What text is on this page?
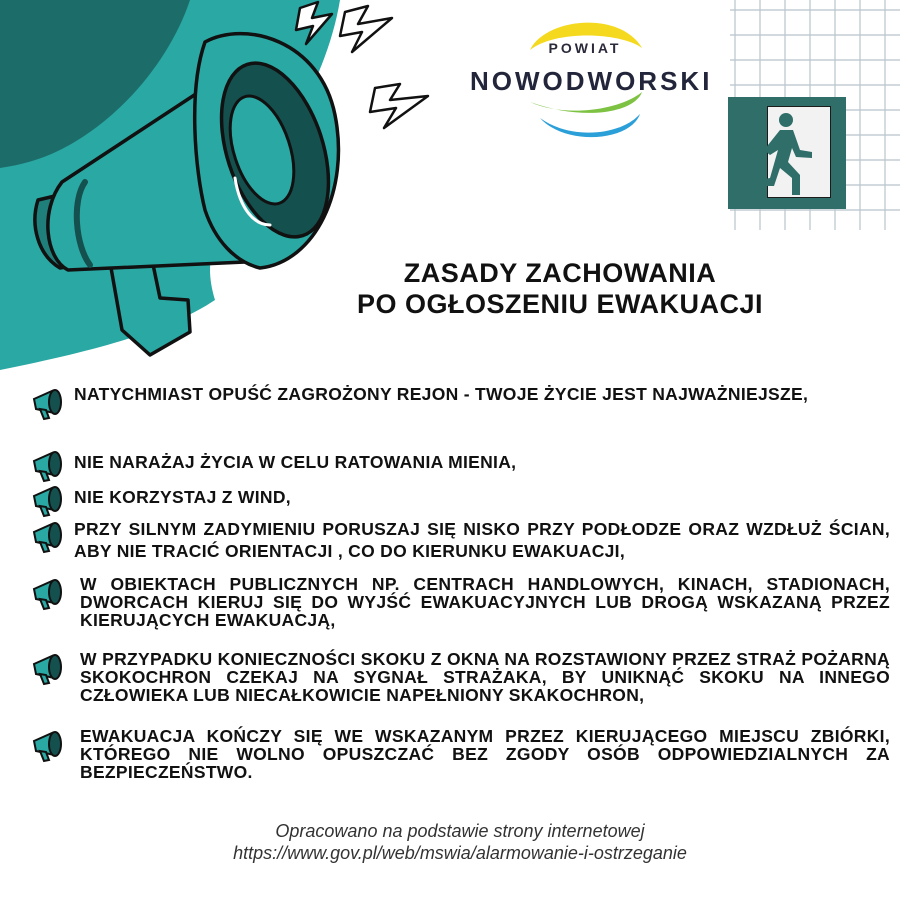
POWIAT
NOWODWORSKI
ZASADY ZACHOWANIA
PO OGŁOSZENIU EWAKUACJI
NATYCHMIAST OPUŚĆ ZAGROŻONY REJON - TWOJE ŻYCIE JEST NAJWAŻNIEJSZE,
NIE NARAŻAJ ŻYCIA W CELU RATOWANIA MIENIA,
NIE KORZYSTAJ Z WIND,
PRZY SILNYM ZADYMIENIU PORUSZAJ SIĘ NISKO PRZY PODŁODZE ORAZ WZDŁUŻ ŚCIAN, ABY NIE TRACIĆ ORIENTACJI , CO DO KIERUNKU EWAKUACJI,
W OBIEKTACH PUBLICZNYCH NP. CENTRACH HANDLOWYCH, KINACH, STADIONACH, DWORCACH KIERUJ SIĘ DO WYJŚĆ EWAKUACYJNYCH LUB DROGĄ WSKAZANĄ PRZEZ KIERUJĄCYCH EWAKUACJĄ,
W PRZYPADKU KONIECZNOŚCI SKOKU Z OKNA NA ROZSTAWIONY PRZEZ STRAŻ POŻARNĄ SKOKOCHRON CZEKAJ NA SYGNAŁ STRAŻAKA, BY UNIKNĄĆ SKOKU NA INNEGO CZŁOWIEKA LUB NIECAŁKOWICIE NAPEŁNIONY SKAKOCHRON,
EWAKUACJA KOŃCZY SIĘ WE WSKAZANYM PRZEZ KIERUJĄCEGO MIEJSCU ZBIÓRKI, KTÓREGO NIE WOLNO OPUSZCZAĆ BEZ ZGODY OSÓB ODPOWIEDZIALNYCH ZA BEZPIECZEŃSTWO.
Opracowano na podstawie strony internetowej
https://www.gov.pl/web/mswia/alarmowanie-i-ostrzeganie
